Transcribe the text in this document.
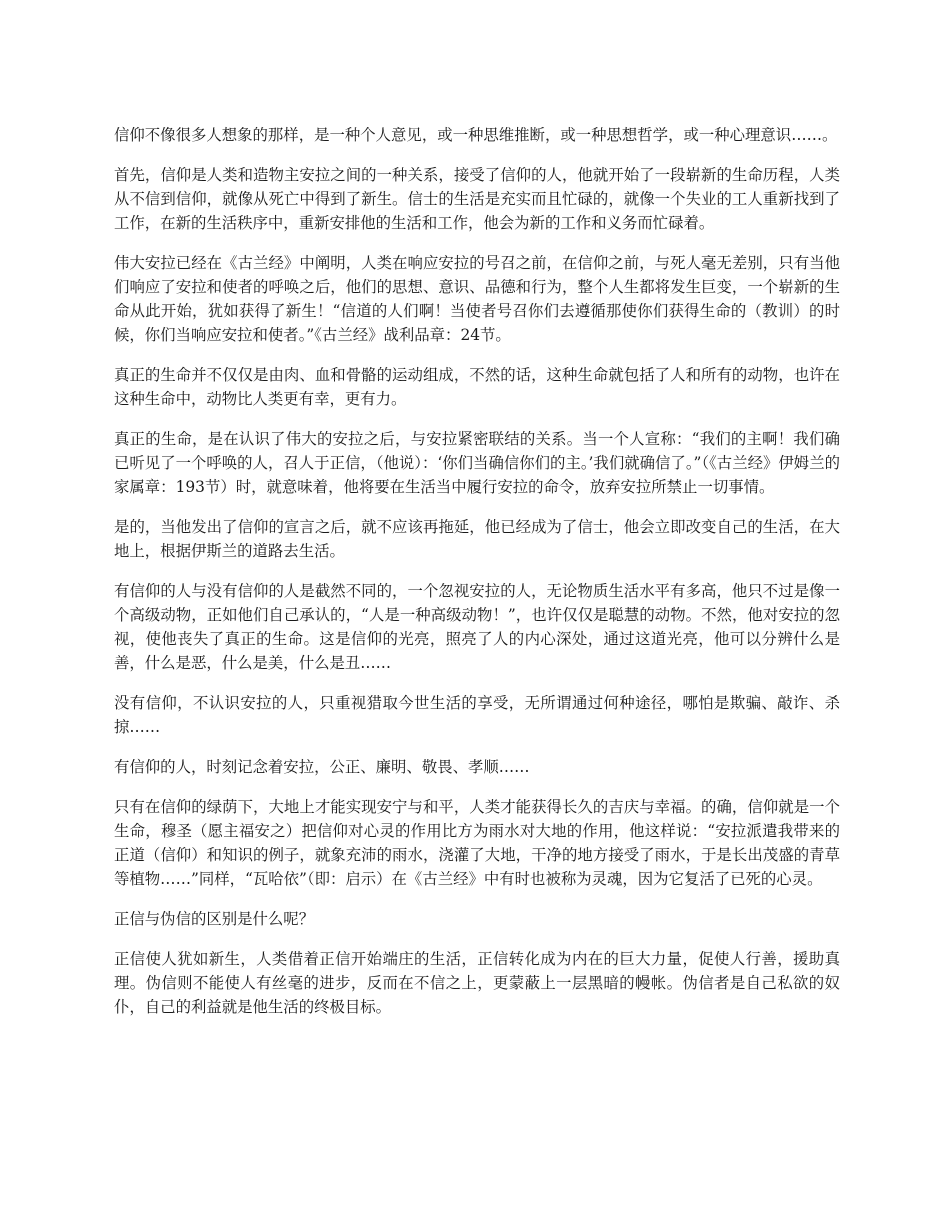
信仰不像很多人想象的那样，是一种个人意见，或一种思维推断，或一种思想哲学，或一种心理意识……。

首先，信仰是人类和造物主安拉之间的一种关系，接受了信仰的人，他就开始了一段崭新的生命历程，人类从不信到信仰，就像从死亡中得到了新生。信士的生活是充实而且忙碌的，就像一个失业的工人重新找到了工作，在新的生活秩序中，重新安排他的生活和工作，他会为新的工作和义务而忙碌着。

伟大安拉已经在《古兰经》中阐明，人类在响应安拉的号召之前，在信仰之前，与死人毫无差别，只有当他们响应了安拉和使者的呼唤之后，他们的思想、意识、品德和行为，整个人生都将发生巨变，一个崭新的生命从此开始，犹如获得了新生！“信道的人们啊！当使者号召你们去遵循那使你们获得生命的（教训）的时候，你们当响应安拉和使者。”《古兰经》战利品章：24节。

真正的生命并不仅仅是由肉、血和骨骼的运动组成，不然的话，这种生命就包括了人和所有的动物，也许在这种生命中，动物比人类更有幸，更有力。

真正的生命，是在认识了伟大的安拉之后，与安拉紧密联结的关系。当一个人宣称：“我们的主啊！我们确已听见了一个呼唤的人，召人于正信，（他说）：‘你们当确信你们的主。’我们就确信了。”（《古兰经》伊姆兰的家属章：193节）时，就意味着，他将要在生活当中履行安拉的命令，放弃安拉所禁止一切事情。

是的，当他发出了信仰的宣言之后，就不应该再拖延，他已经成为了信士，他会立即改变自己的生活，在大地上，根据伊斯兰的道路去生活。

有信仰的人与没有信仰的人是截然不同的，一个忽视安拉的人，无论物质生活水平有多高，他只不过是像一个高级动物，正如他们自己承认的，“人是一种高级动物！”，也许仅仅是聪慧的动物。不然，他对安拉的忽视，使他丧失了真正的生命。这是信仰的光亮，照亮了人的内心深处，通过这道光亮，他可以分辨什么是善，什么是恶，什么是美，什么是丑……

没有信仰，不认识安拉的人，只重视猎取今世生活的享受，无所谓通过何种途径，哪怕是欺骗、敲诈、杀掠……

有信仰的人，时刻记念着安拉，公正、廉明、敬畏、孝顺……

只有在信仰的绿荫下，大地上才能实现安宁与和平，人类才能获得长久的吉庆与幸福。的确，信仰就是一个生命，穆圣（愿主福安之）把信仰对心灵的作用比方为雨水对大地的作用，他这样说：“安拉派遣我带来的正道（信仰）和知识的例子，就象充沛的雨水，浇灌了大地，干净的地方接受了雨水，于是长出茂盛的青草等植物……”同样，“瓦哈依”（即：启示）在《古兰经》中有时也被称为灵魂，因为它复活了已死的心灵。

正信与伪信的区别是什么呢？

正信使人犹如新生，人类借着正信开始端庄的生活，正信转化成为内在的巨大力量，促使人行善，援助真理。伪信则不能使人有丝毫的进步，反而在不信之上，更蒙蔽上一层黑暗的幔帐。伪信者是自己私欲的奴仆，自己的利益就是他生活的终极目标。
